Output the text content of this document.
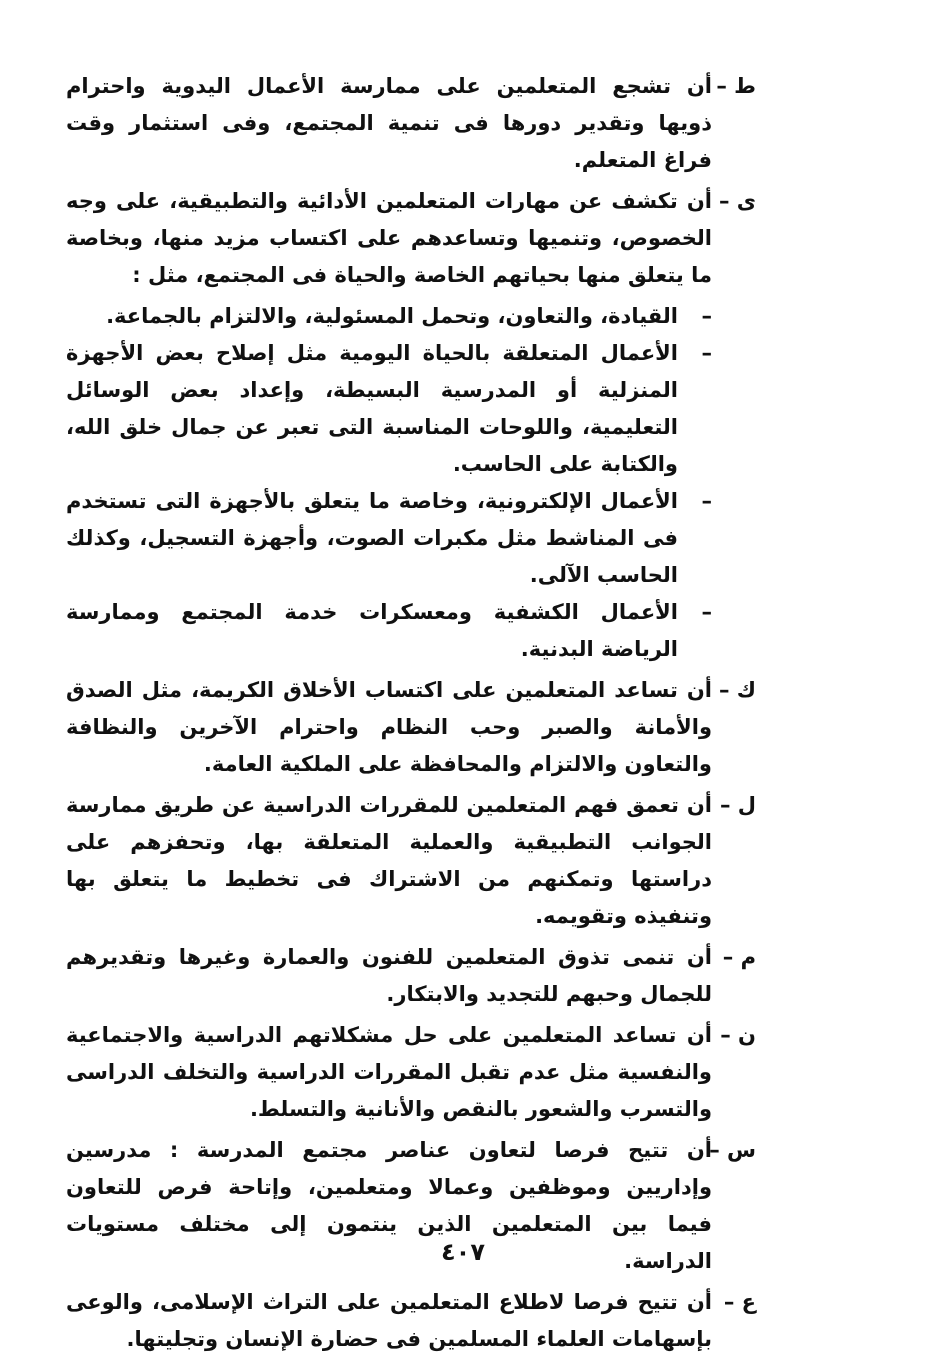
ط –
أن تشجع المتعلمين على ممارسة الأعمال اليدوية واحترام ذويها وتقدير دورها فى تنمية المجتمع، وفى استثمار وقت فراغ المتعلم.
ى –
أن تكشف عن مهارات المتعلمين الأدائية والتطبيقية، على وجه الخصوص، وتنميها وتساعدهم على اكتساب مزيد منها، وبخاصة ما يتعلق منها بحياتهم الخاصة والحياة فى المجتمع، مثل :
–
القيادة، والتعاون، وتحمل المسئولية، والالتزام بالجماعة.
–
الأعمال المتعلقة بالحياة اليومية مثل إصلاح بعض الأجهزة المنزلية أو المدرسية البسيطة، وإعداد بعض الوسائل التعليمية، واللوحات المناسبة التى تعبر عن جمال خلق الله، والكتابة على الحاسب.
–
الأعمال الإلكترونية، وخاصة ما يتعلق بالأجهزة التى تستخدم فى المناشط مثل مكبرات الصوت، وأجهزة التسجيل، وكذلك الحاسب الآلى.
–
الأعمال الكشفية ومعسكرات خدمة المجتمع وممارسة الرياضة البدنية.
ك –
أن تساعد المتعلمين على اكتساب الأخلاق الكريمة، مثل الصدق والأمانة والصبر وحب النظام واحترام الآخرين والنظافة والتعاون والالتزام والمحافظة على الملكية العامة.
ل –
أن تعمق فهم المتعلمين للمقررات الدراسية عن طريق ممارسة الجوانب التطبيقية والعملية المتعلقة بها، وتحفزهم على دراستها وتمكنهم من الاشتراك فى تخطيط ما يتعلق بها وتنفيذه وتقويمه.
م –
أن تنمى تذوق المتعلمين للفنون والعمارة وغيرها وتقديرهم للجمال وحبهم للتجديد والابتكار.
ن –
أن تساعد المتعلمين على حل مشكلاتهم الدراسية والاجتماعية والنفسية مثل عدم تقبل المقررات الدراسية والتخلف الدراسى والتسرب والشعور بالنقص والأنانية والتسلط.
س –
أن تتيح فرصا لتعاون عناصر مجتمع المدرسة : مدرسين وإداريين وموظفين وعمالا ومتعلمين، وإتاحة فرص للتعاون فيما بين المتعلمين الذين ينتمون إلى مختلف مستويات الدراسة.
ع –
أن تتيح فرصا لاطلاع المتعلمين على التراث الإسلامى، والوعى بإسهامات العلماء المسلمين فى حضارة الإنسان وتجليتها.
٤٠٧
